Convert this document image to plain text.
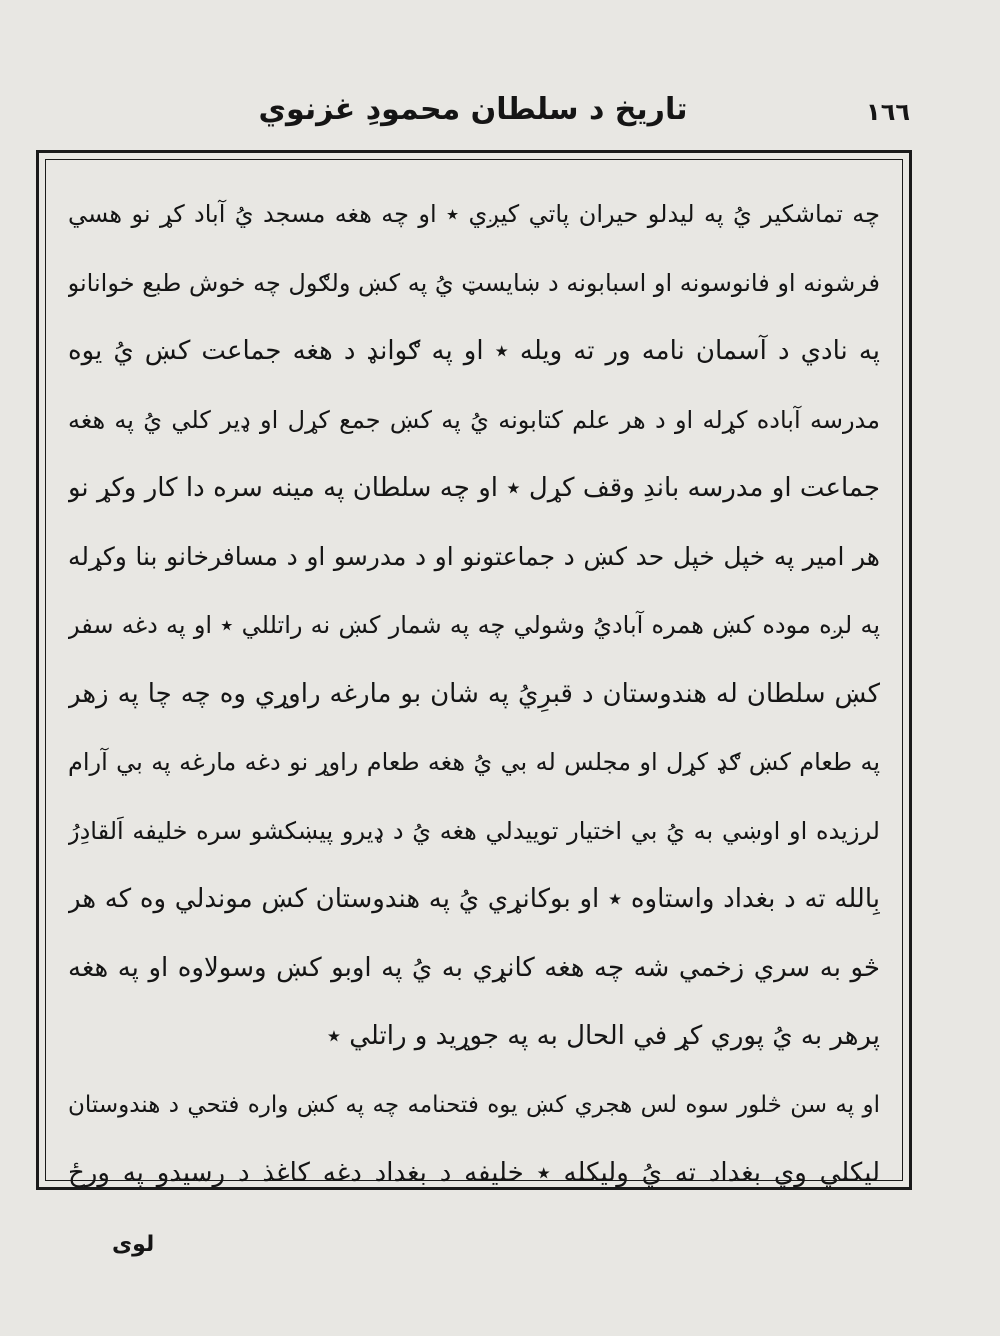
تاريخ د سلطان محمودِ غزنوي	١٦٦
چه تماشکیر يُ په ليدلو حيران پاتي کيږي ٭ او چه هغه مسجد يُ آباد کړ نو هسي
فرشونه او فانوسونه او اسبابونه د ښايسټ يُ په کښ ولګول چه خوش طبع خوانانو
په نادي د آسمان نامه ور ته ويله ٭ او په ګوانډ د هغه جماعت کښ يُ يوه
مدرسه آباده کړله او د هر علم کتابونه يُ په کښ جمع کړل او ډير کلي يُ په هغه
جماعت او مدرسه باندِ وقف کړل ٭ او چه سلطان په مينه سره دا کار وکړ نو
هر امير په خپل خپل حد کښ د جماعتونو او د مدرسو او د مسافرخانو بنا وکړله
په لږه موده کښ همره آباديُ وشولي چه په شمار کښ نه راتللي ٭ او په دغه سفر
کښ سلطان له هندوستان د قبرِيُ په شان بو مارغه راوړي وه چه چا په زهر
په طعام کښ ګډ کړل او مجلس له بي يُ هغه طعام راوړ نو دغه مارغه په بي آرام
لرزيده او اوښي به يُ بي اختيار توييدلي هغه يُ د ډيرو پيښکشو سره خليفه اَلقادِرُ
بِالله ته د بغداد واستاوه ٭ او بوکانړي يُ په هندوستان کښ موندلي وه که هر
څو به سري زخمي شه چه هغه کانړي به يُ په اوبو کښ وسولاوه او په هغه
پرهر به يُ پوري کړ في الحال به په جوړيد و راتلي ٭
او په سن څلور سوه لس هجري کښ يوه فتحنامه چه په کښ واره فتحي د هندوستان
ليکلي وي بغداد ته يُ وليکله ٭ خليفه د بغداد دغه کاغذ د رسيدو په ورځ
لوی
